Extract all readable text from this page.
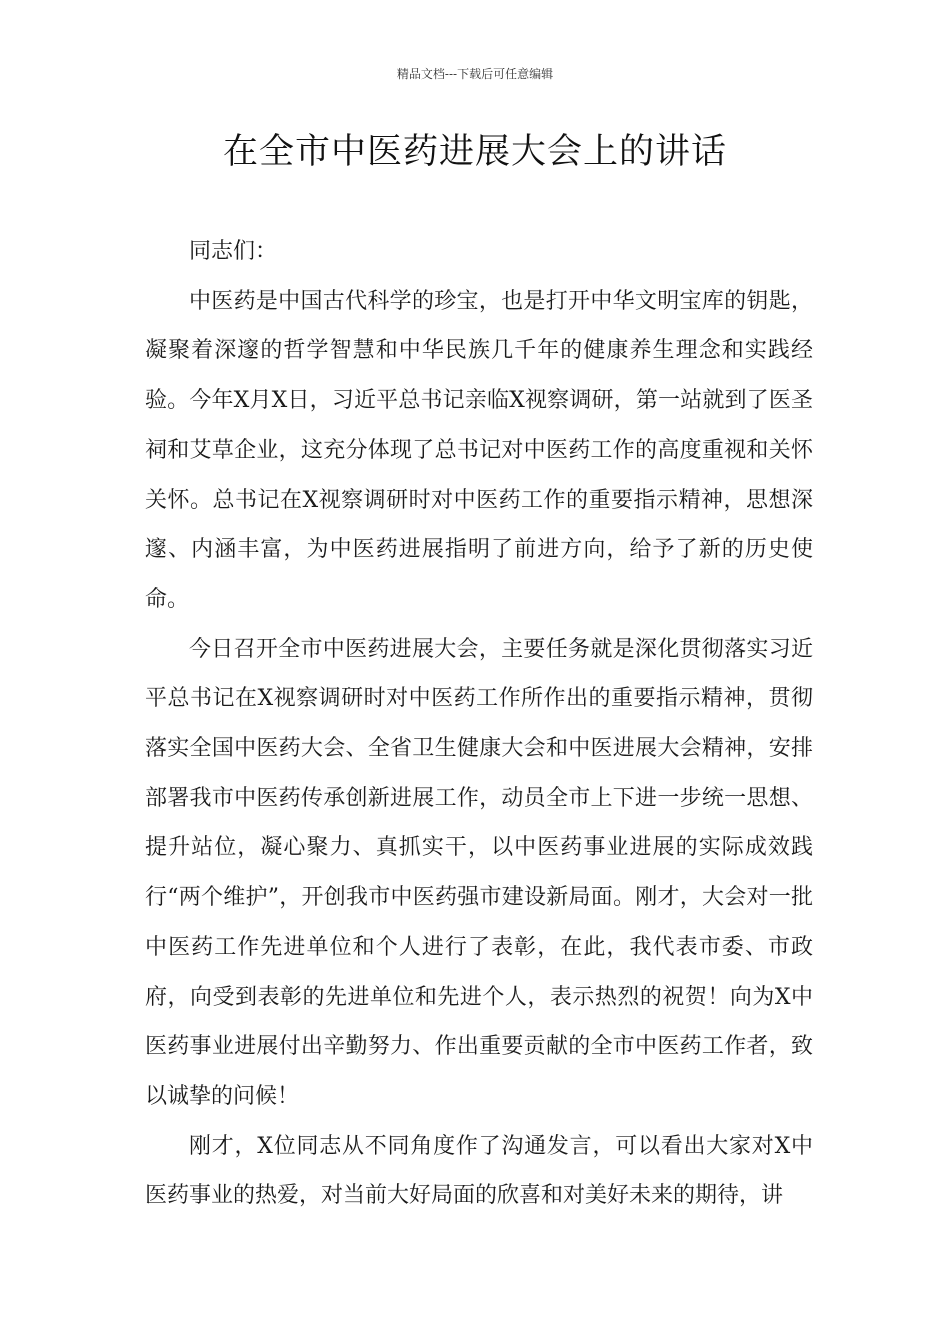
精品文档---下载后可任意编辑
在全市中医药进展大会上的讲话

同志们：

中医药是中国古代科学的珍宝，也是打开中华文明宝库的钥匙，凝聚着深邃的哲学智慧和中华民族几千年的健康养生理念和实践经验。今年X月X日，习近平总书记亲临X视察调研，第一站就到了医圣祠和艾草企业，这充分体现了总书记对中医药工作的高度重视和关怀关怀。总书记在X视察调研时对中医药工作的重要指示精神，思想深邃、内涵丰富，为中医药进展指明了前进方向，给予了新的历史使命。

今日召开全市中医药进展大会，主要任务就是深化贯彻落实习近平总书记在X视察调研时对中医药工作所作出的重要指示精神，贯彻落实全国中医药大会、全省卫生健康大会和中医进展大会精神，安排部署我市中医药传承创新进展工作，动员全市上下进一步统一思想、提升站位，凝心聚力、真抓实干，以中医药事业进展的实际成效践行“两个维护”，开创我市中医药强市建设新局面。刚才，大会对一批中医药工作先进单位和个人进行了表彰，在此，我代表市委、市政府，向受到表彰的先进单位和先进个人，表示热烈的祝贺！向为X中医药事业进展付出辛勤努力、作出重要贡献的全市中医药工作者，致以诚挚的问候！

刚才，X位同志从不同角度作了沟通发言，可以看出大家对X中医药事业的热爱，对当前大好局面的欣喜和对美好未来的期待，讲
